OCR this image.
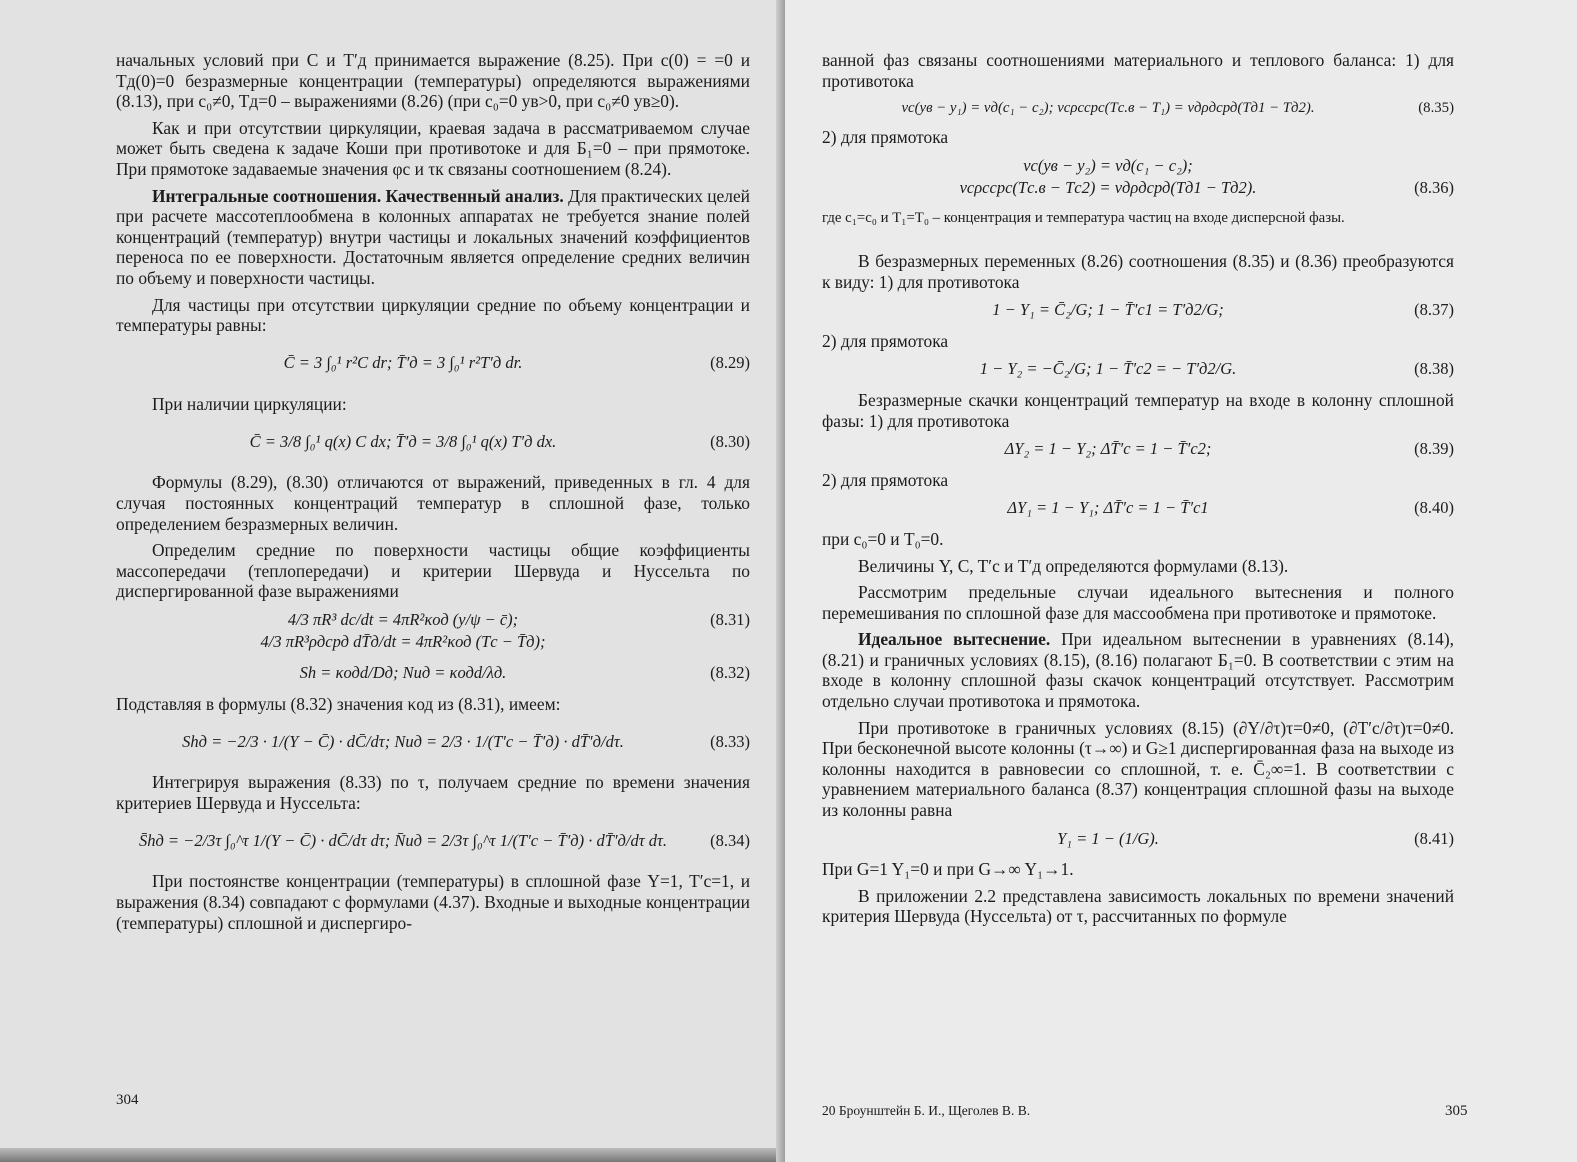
начальных условий при C и T′д принимается выражение (8.25). При c(0) = =0 и Tд(0)=0 безразмерные концентрации (температуры) определяются выражениями (8.13), при c₀≠0, Tд=0 – выражениями (8.26) (при c₀=0 yв>0, при c₀≠0 yв≥0).

Как и при отсутствии циркуляции, краевая задача в рассматриваемом случае может быть сведена к задаче Коши при противотоке и для Б₁=0 – при прямотоке. При прямотоке задаваемые значения φс и τк связаны соотношением (8.24).

Интегральные соотношения. Качественный анализ. Для практических целей при расчете массотеплообмена в колонных аппаратах не требуется знание полей концентраций (температур) внутри частицы и локальных значений коэффициентов переноса по ее поверхности. Достаточным является определение средних величин по объему и поверхности частицы.

Для частицы при отсутствии циркуляции средние по объему концентрации и температуры равны:

C̄ = 3 ∫₀¹ r²C dr; T̄′д = 3 ∫₀¹ r²T′д dr.	(8.29)

При наличии циркуляции:

C̄ = 3/8 ∫₀¹ q(x) C dx; T̄′д = 3/8 ∫₀¹ q(x) T′д dx.	(8.30)

Формулы (8.29), (8.30) отличаются от выражений, приведенных в гл. 4 для случая постоянных концентраций температур в сплошной фазе, только определением безразмерных величин.

Определим средние по поверхности частицы общие коэффициенты массопередачи (теплопередачи) и критерии Шервуда и Нуссельта по диспергированной фазе выражениями

4/3 πR³ dc/dt = 4πR²κод (y/ψ − c̄);	(8.31)
4/3 πR³ρдcрд dT̄д/dt = 4πR²κод (Tс − T̄д);
Sh = κодd/Dд; Nuд = κодd/λд.	(8.32)

Подставляя в формулы (8.32) значения κод из (8.31), имеем:

Shд = −2/3 · 1/(Y − C̄) · dC̄/dτ; Nuд = 2/3 · 1/(T′с − T̄′д) · dT̄′д/dτ.	(8.33)

Интегрируя выражения (8.33) по τ, получаем средние по времени значения критериев Шервуда и Нуссельта:

S̄hд = −2/3τ ∫₀^τ 1/(Y − C̄) · dC̄/dτ dτ; N̄uд = 2/3τ ∫₀^τ 1/(T′с − T̄′д) · dT̄′д/dτ dτ.	(8.34)

При постоянстве концентрации (температуры) в сплошной фазе Y=1, T′с=1, и выражения (8.34) совпадают с формулами (4.37). Входные и выходные концентрации (температуры) сплошной и диспергиро-

304

ванной фаз связаны соотношениями материального и теплового баланса: 1) для противотока

vс(yв − y₁) = vд(c₁ − c₂); vсρсcрс(Tс.в − T₁) = vдρдcрд(Tд1 − Tд2).	(8.35)

2) для прямотока

vс(yв − y₂) = vд(c₁ − c₂);
vсρсcрс(Tс.в − Tс2) = vдρдcрд(Tд1 − Tд2).	(8.36)

где c₁=c₀ и T₁=T₀ – концентрация и температура частиц на входе дисперсной фазы.

В безразмерных переменных (8.26) соотношения (8.35) и (8.36) преобразуются к виду: 1) для противотока

1 − Y₁ = C̄₂/G; 1 − T̄′с1 = T′д2/G;	(8.37)

2) для прямотока

1 − Y₂ = −C̄₂/G; 1 − T̄′с2 = − T′д2/G.	(8.38)

Безразмерные скачки концентраций температур на входе в колонну сплошной фазы: 1) для противотока

ΔY₂ = 1 − Y₂; ΔT̄′с = 1 − T̄′с2;	(8.39)

2) для прямотока

ΔY₁ = 1 − Y₁; ΔT̄′с = 1 − T̄′с1	(8.40)

при c₀=0 и T₀=0.

Величины Y, C, T′с и T′д определяются формулами (8.13).

Рассмотрим предельные случаи идеального вытеснения и полного перемешивания по сплошной фазе для массообмена при противотоке и прямотоке.

Идеальное вытеснение. При идеальном вытеснении в уравнениях (8.14), (8.21) и граничных условиях (8.15), (8.16) полагают Б₁=0. В соответствии с этим на входе в колонну сплошной фазы скачок концентраций отсутствует. Рассмотрим отдельно случаи противотока и прямотока.

При противотоке в граничных условиях (8.15) (∂Y/∂τ)τ=0≠0, (∂T′с/∂τ)τ=0≠0. При бесконечной высоте колонны (τ→∞) и G≥1 диспергированная фаза на выходе из колонны находится в равновесии со сплошной, т. е. C̄₂∞=1. В соответствии с уравнением материального баланса (8.37) концентрация сплошной фазы на выходе из колонны равна

Y₁ = 1 − (1/G).	(8.41)

При G=1 Y₁=0 и при G→∞ Y₁→1.

В приложении 2.2 представлена зависимость локальных по времени значений критерия Шервуда (Нуссельта) от τ, рассчитанных по формуле

20 Броунштейн Б. И., Щеголев В. В.	305
